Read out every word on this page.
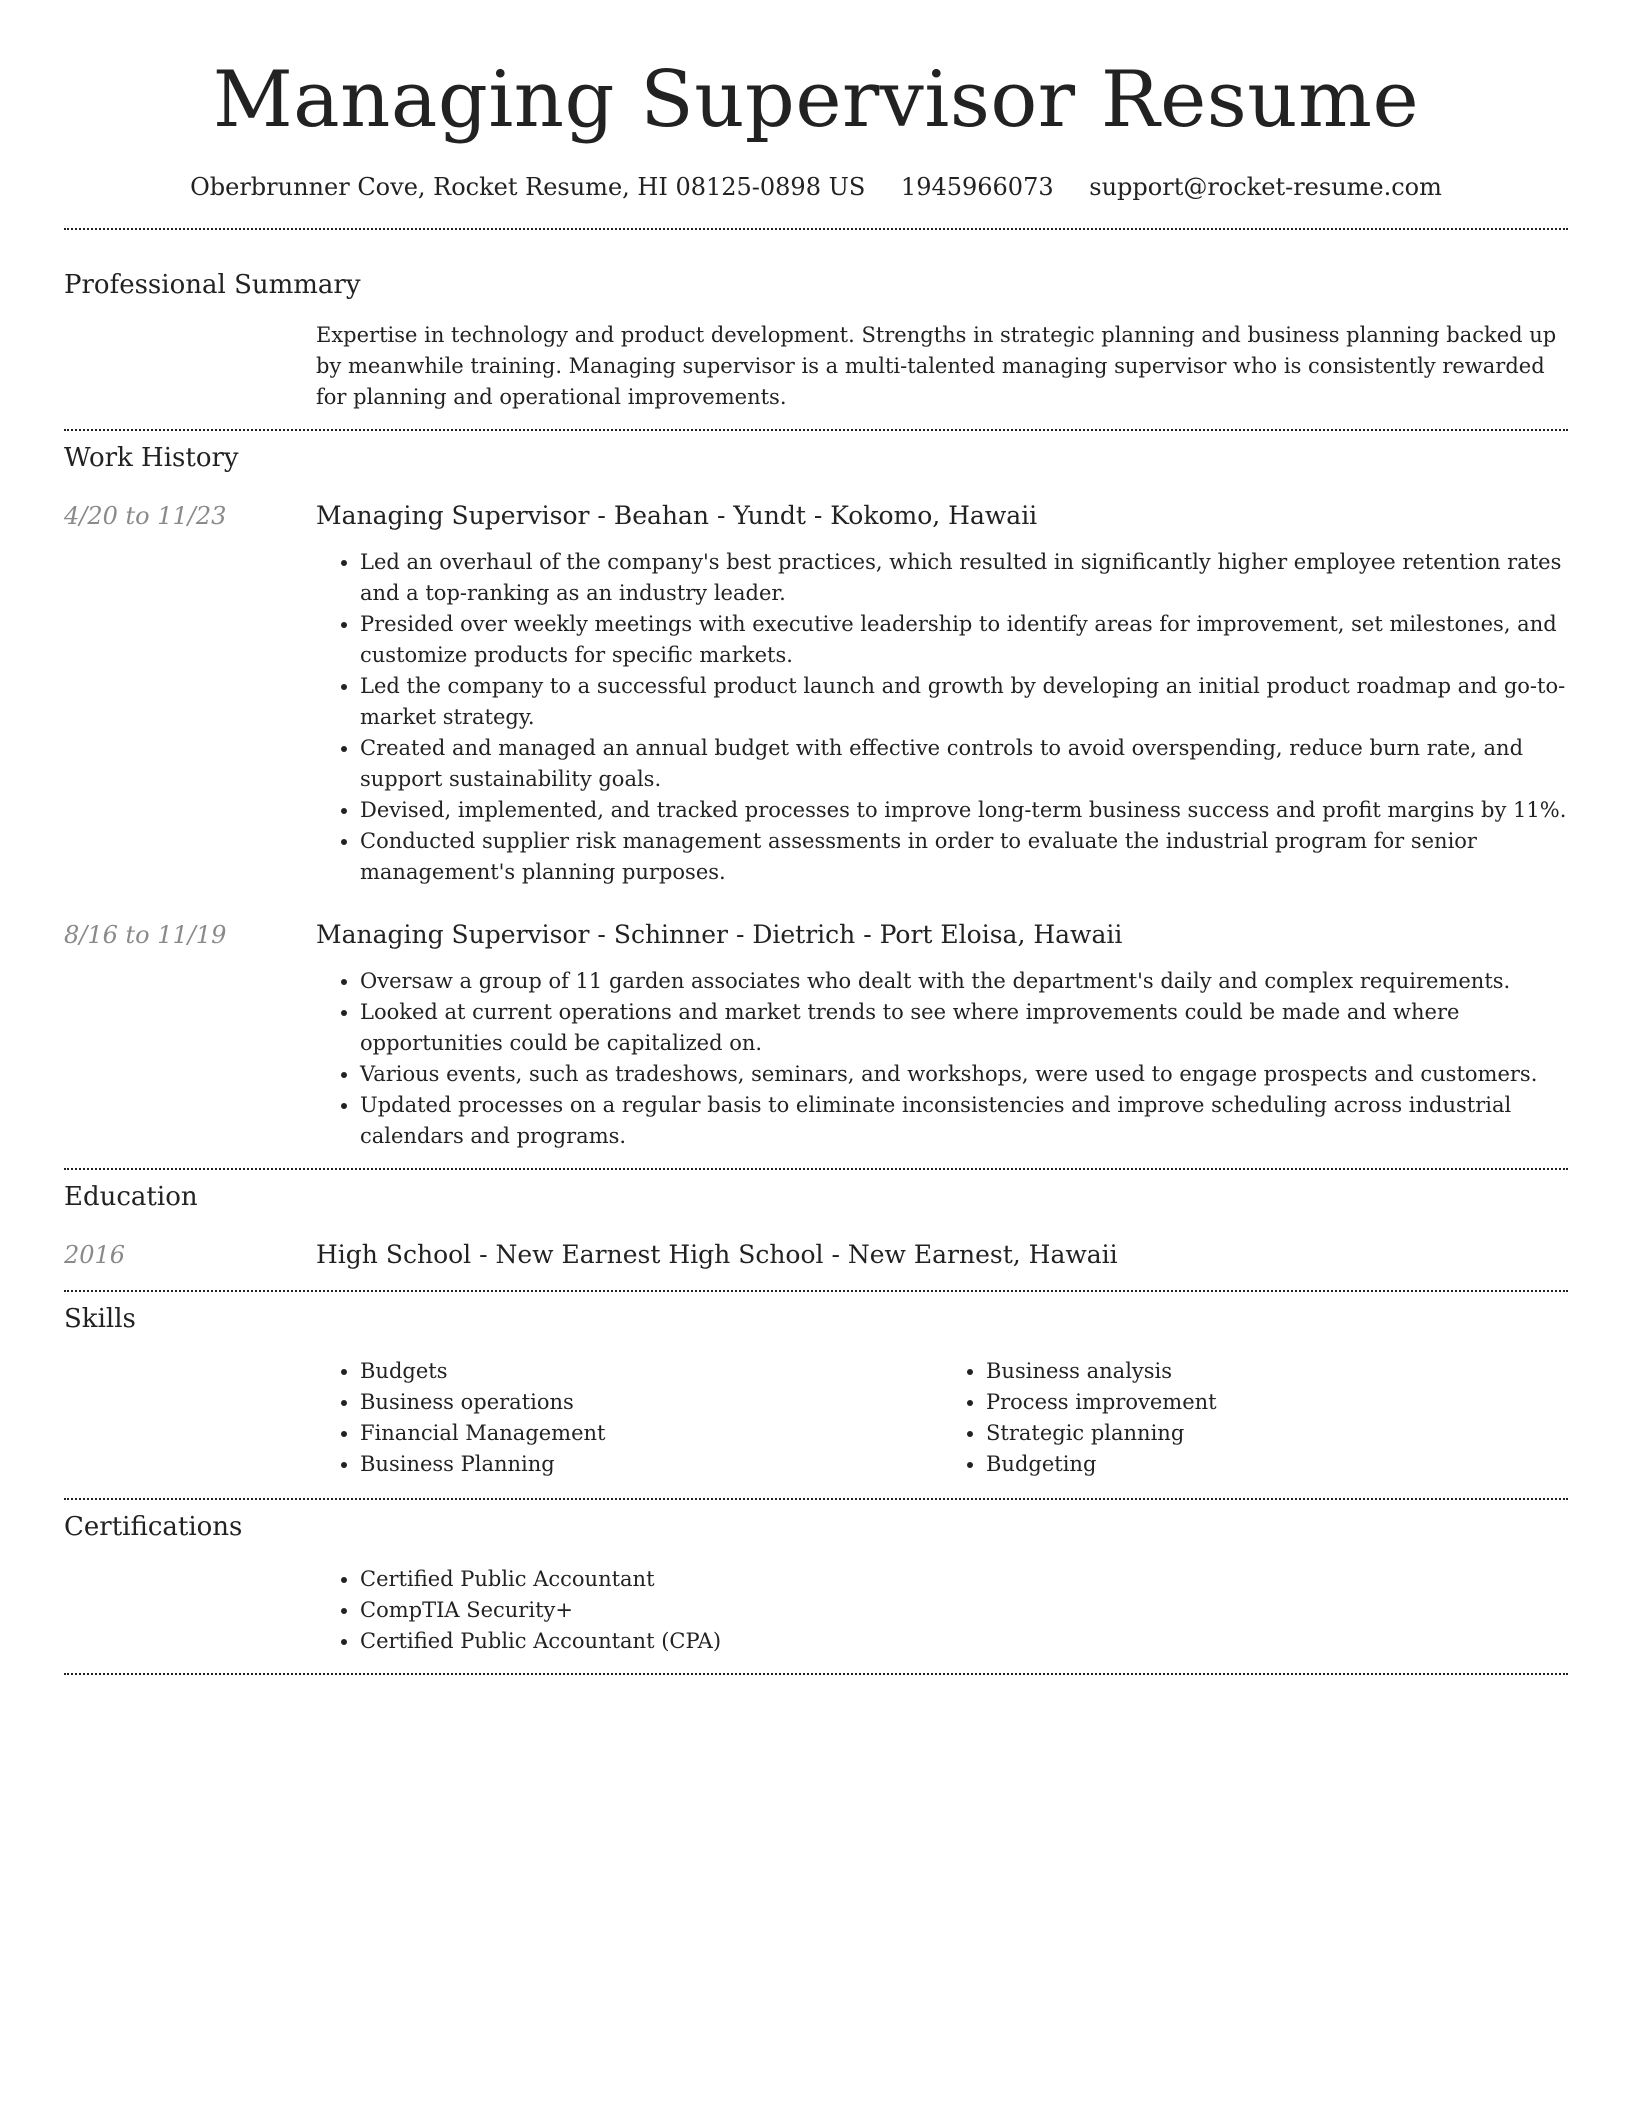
Managing Supervisor Resume
Oberbrunner Cove, Rocket Resume, HI 08125-0898 US 1945966073 support@rocket-resume.com
Professional Summary

Expertise in technology and product development. Strengths in strategic planning and business planning backed up by meanwhile training. Managing supervisor is a multi-talented managing supervisor who is consistently rewarded for planning and operational improvements.

Work History
4/20 to 11/23	Managing Supervisor - Beahan - Yundt - Kokomo, Hawaii
• Led an overhaul of the company's best practices, which resulted in significantly higher employee retention rates and a top-ranking as an industry leader.
• Presided over weekly meetings with executive leadership to identify areas for improvement, set milestones, and customize products for specific markets.
• Led the company to a successful product launch and growth by developing an initial product roadmap and go-to-market strategy.
• Created and managed an annual budget with effective controls to avoid overspending, reduce burn rate, and support sustainability goals.
• Devised, implemented, and tracked processes to improve long-term business success and profit margins by 11%.
• Conducted supplier risk management assessments in order to evaluate the industrial program for senior management's planning purposes.
8/16 to 11/19	Managing Supervisor - Schinner - Dietrich - Port Eloisa, Hawaii
• Oversaw a group of 11 garden associates who dealt with the department's daily and complex requirements.
• Looked at current operations and market trends to see where improvements could be made and where opportunities could be capitalized on.
• Various events, such as tradeshows, seminars, and workshops, were used to engage prospects and customers.
• Updated processes on a regular basis to eliminate inconsistencies and improve scheduling across industrial calendars and programs.
Education
2016	High School - New Earnest High School - New Earnest, Hawaii
Skills
• Budgets
• Business operations
• Financial Management
• Business Planning
• Business analysis
• Process improvement
• Strategic planning
• Budgeting
Certifications
• Certified Public Accountant
• CompTIA Security+
• Certified Public Accountant (CPA)
